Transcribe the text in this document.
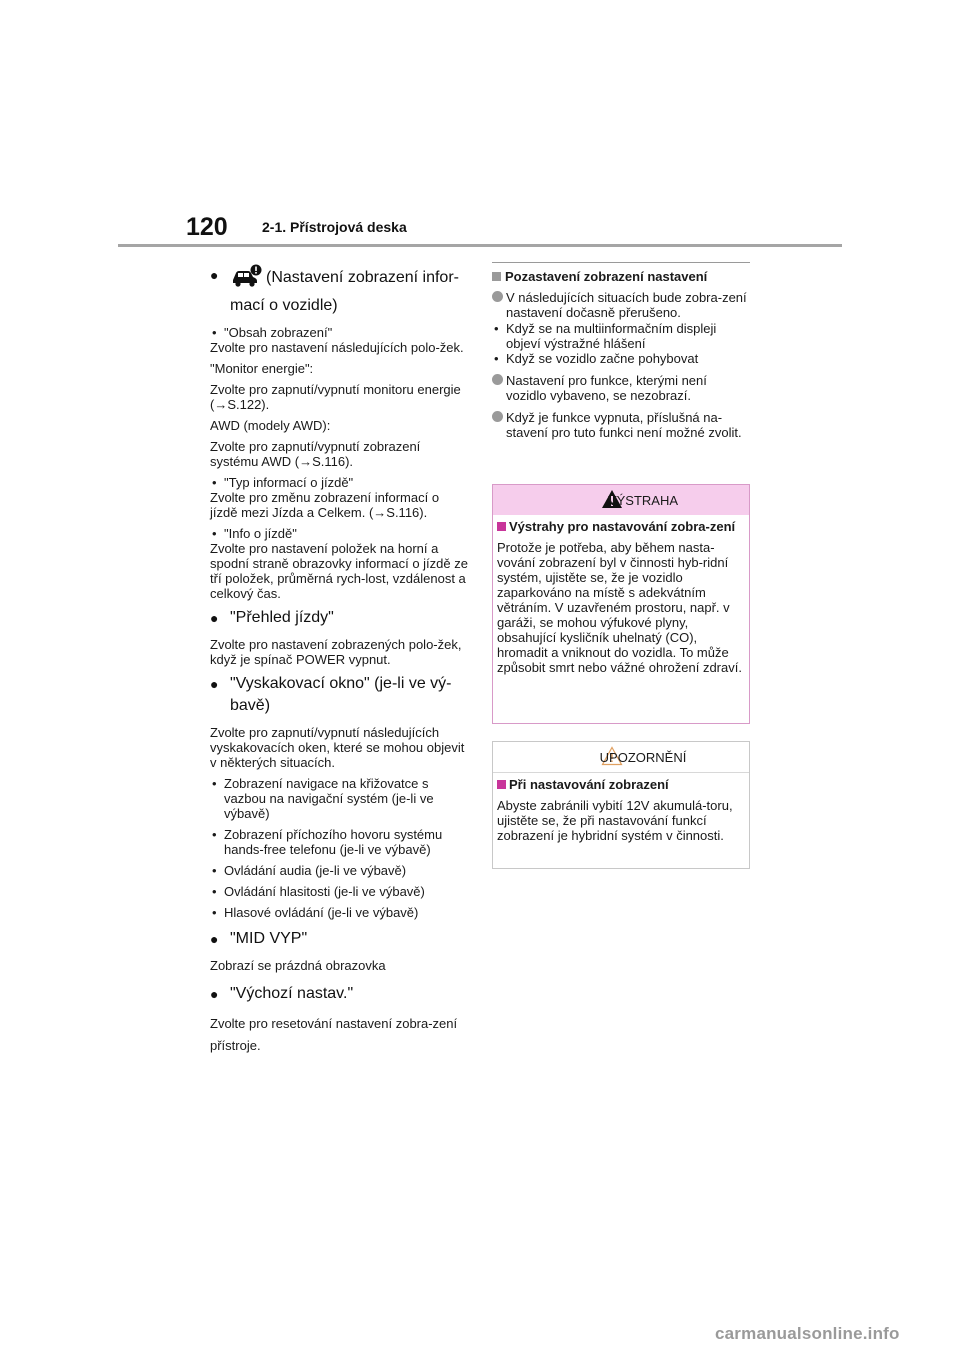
120 2-1. Přístrojová deska
●	(Nastavení zobrazení infor-mací o vozidle)
• "Obsah zobrazení"
Zvolte pro nastavení následujících polo-žek.
"Monitor energie":
Zvolte pro zapnutí/vypnutí monitoru energie (→S.122).
AWD (modely AWD):
Zvolte pro zapnutí/vypnutí zobrazení systému AWD (→S.116).
• "Typ informací o jízdě"
Zvolte pro změnu zobrazení informací o jízdě mezi Jízda a Celkem. (→S.116).
• "Info o jízdě"
Zvolte pro nastavení položek na horní a spodní straně obrazovky informací o jízdě ze tří položek, průměrná rych-lost, vzdálenost a celkový čas.
● "Přehled jízdy"
Zvolte pro nastavení zobrazených polo-žek, když je spínač POWER vypnut.
● "Vyskakovací okno" (je-li ve vý-bavě)
Zvolte pro zapnutí/vypnutí následujících vyskakovacích oken, které se mohou objevit v některých situacích.
• Zobrazení navigace na křižovatce s vazbou na navigační systém (je-li ve výbavě)
• Zobrazení příchozího hovoru systému hands-free telefonu (je-li ve výbavě)
• Ovládání audia (je-li ve výbavě)
• Ovládání hlasitosti (je-li ve výbavě)
• Hlasové ovládání (je-li ve výbavě)
● "MID VYP"
Zobrazí se prázdná obrazovka
● "Výchozí nastav."
Zvolte pro resetování nastavení zobra-zení přístroje.
Pozastavení zobrazení nastavení
V následujících situacích bude zobra-zení nastavení dočasně přerušeno.
• Když se na multiinformačním displeji objeví výstražné hlášení
• Když se vozidlo začne pohybovat
Nastavení pro funkce, kterými není vozidlo vybaveno, se nezobrazí.
Když je funkce vypnuta, příslušná na-stavení pro tuto funkci není možné zvolit.
VÝSTRAHA
Výstrahy pro nastavování zobra-zení
Protože je potřeba, aby během nasta-vování zobrazení byl v činnosti hyb-ridní systém, ujistěte se, že je vozidlo zaparkováno na místě s adekvátním větráním. V uzavřeném prostoru, např. v garáži, se mohou výfukové plyny, obsahující kysličník uhelnatý (CO), hromadit a vniknout do vozidla. To může způsobit smrt nebo vážné ohrožení zdraví.
UPOZORNĚNÍ
Při nastavování zobrazení
Abyste zabránili vybití 12V akumulá-toru, ujistěte se, že při nastavování funkcí zobrazení je hybridní systém v činnosti.
carmanualsonline.info
